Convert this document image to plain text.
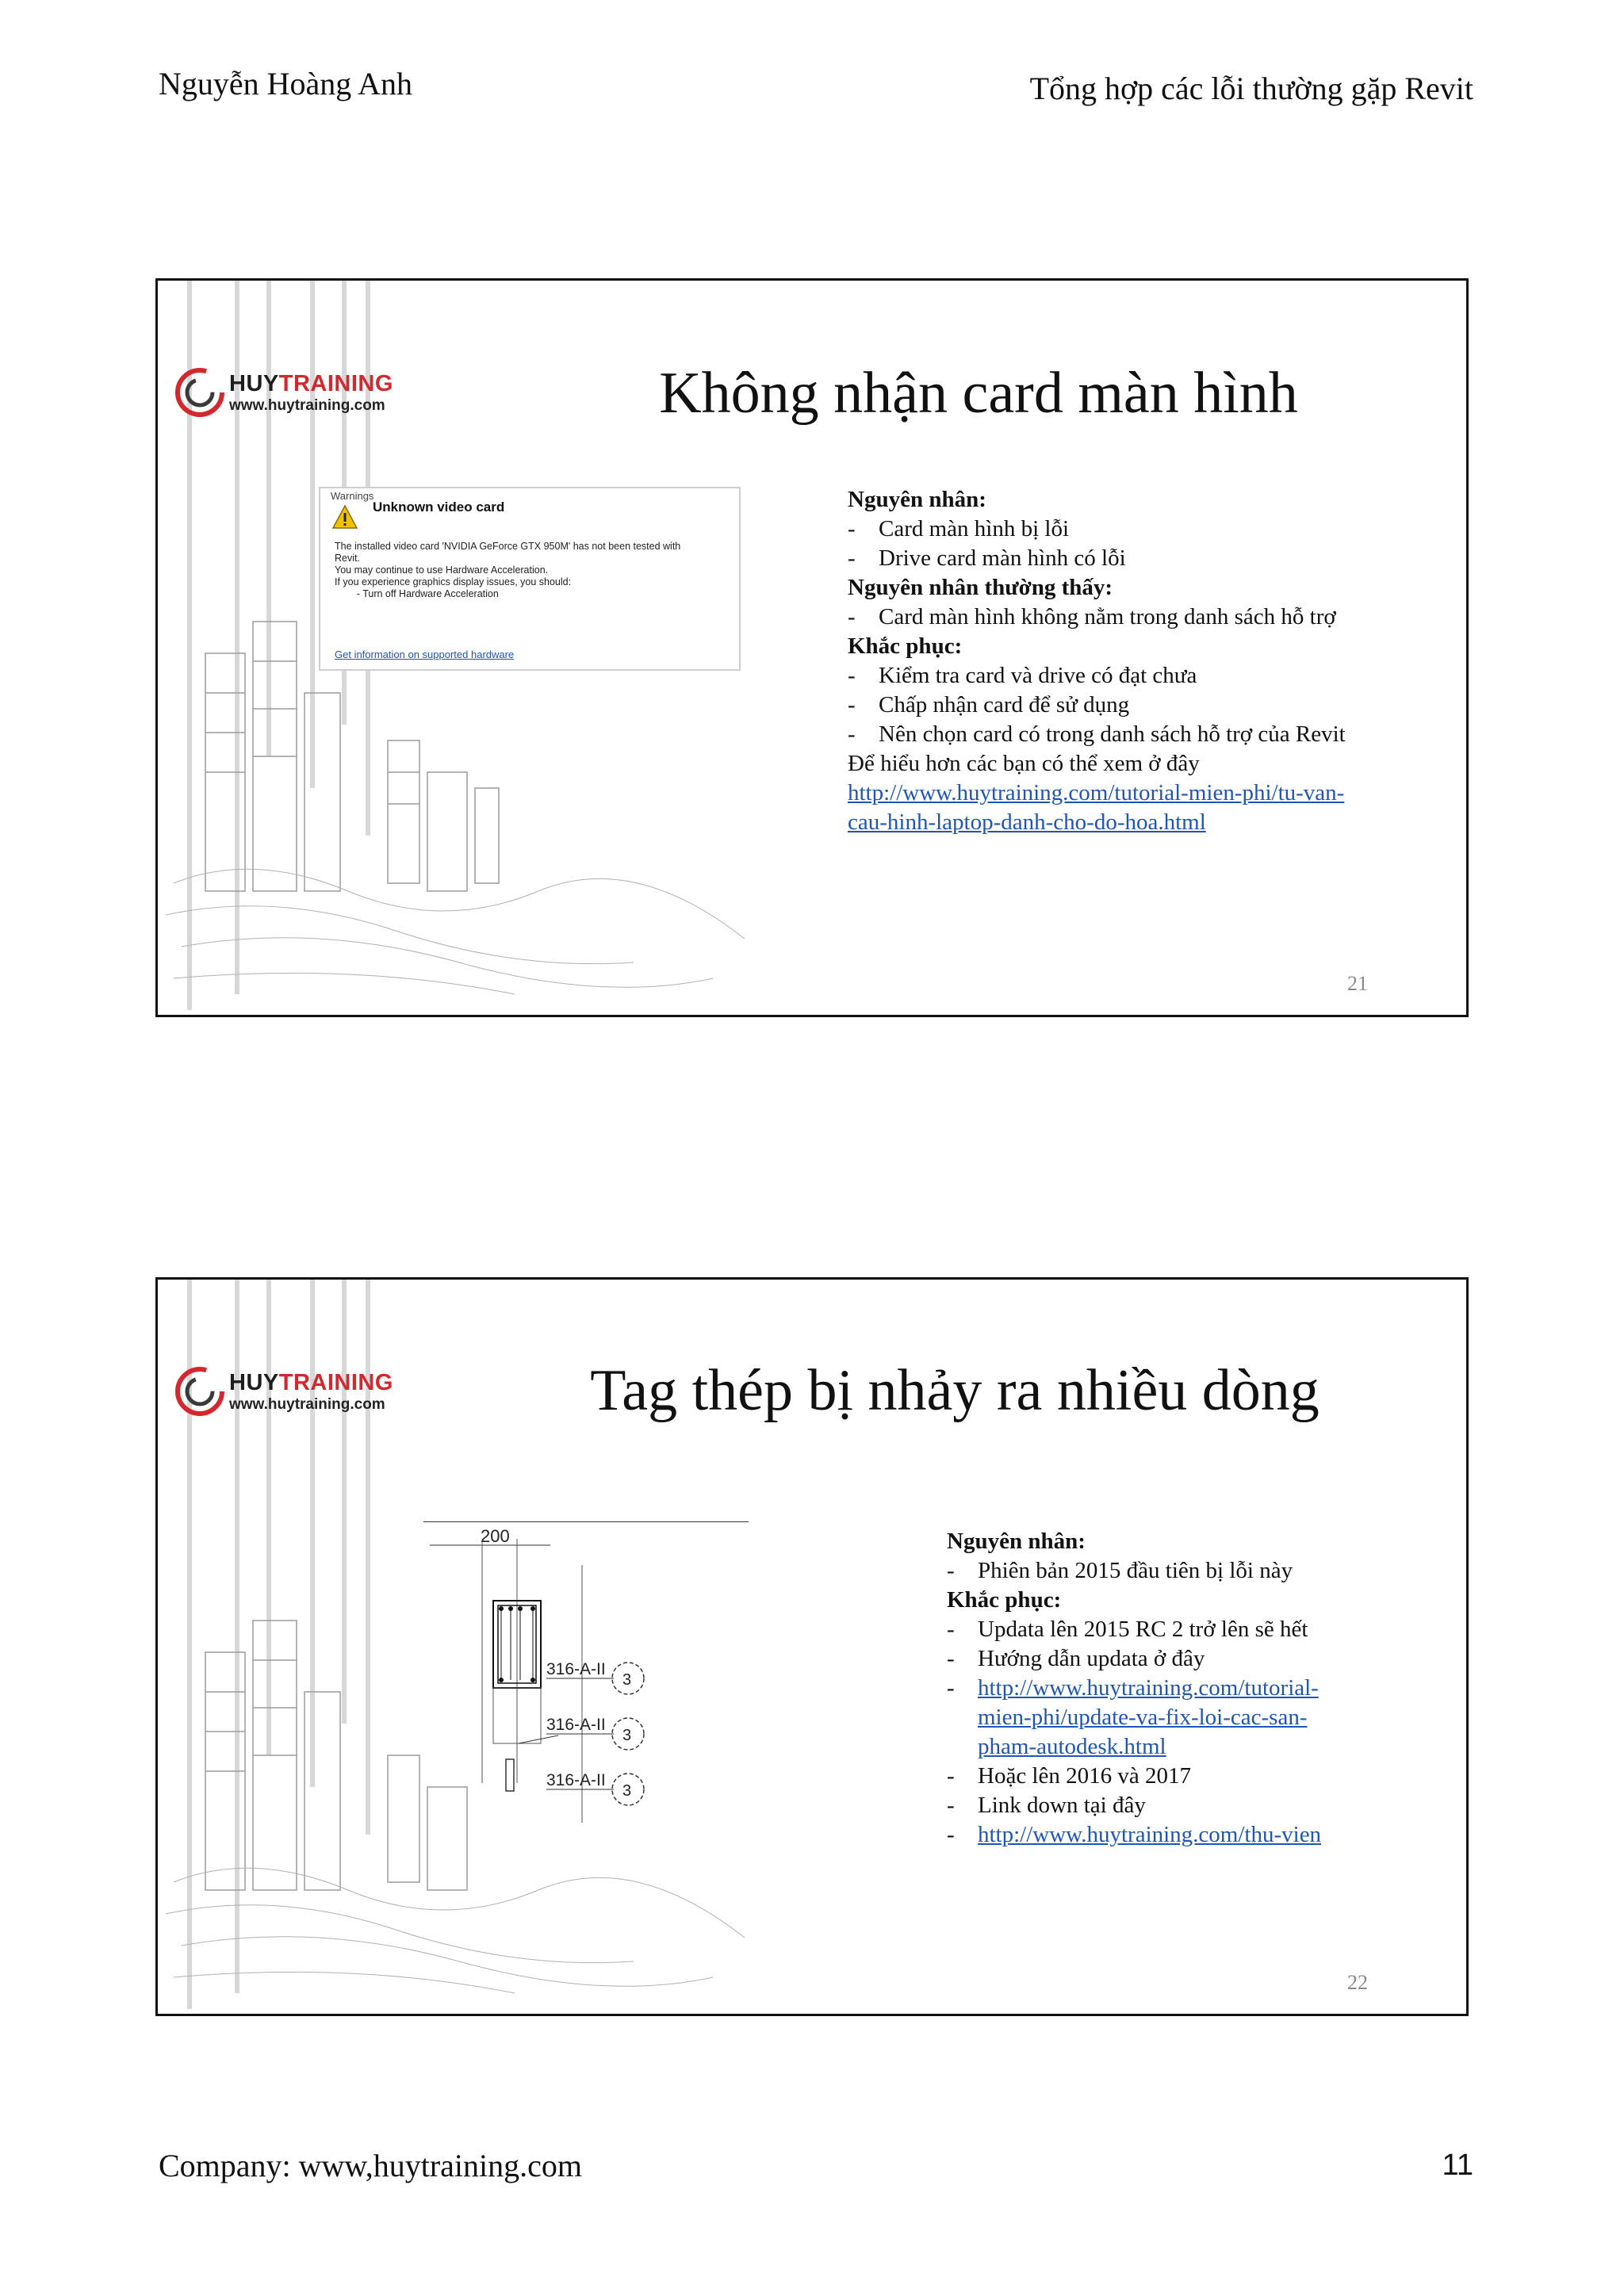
Nguyễn Hoàng Anh	Tổng hợp các lỗi thường gặp Revit
HUYTRAINING
www.huytraining.com	Không nhận card màn hình
Warnings
Unknown video card
The installed video card 'NVIDIA GeForce GTX 950M' has not been tested with
Revit.
You may continue to use Hardware Acceleration.
If you experience graphics display issues, you should:
- Turn off Hardware Acceleration
Get information on supported hardware
Nguyên nhân:
-	Card màn hình bị lỗi
-	Drive card màn hình có lỗi
Nguyên nhân thường thấy:
-	Card màn hình không nằm trong danh sách hỗ trợ
Khắc phục:
-	Kiểm tra card và drive có đạt chưa
-	Chấp nhận card để sử dụng
-	Nên chọn card có trong danh sách hỗ trợ của Revit
Để hiểu hơn các bạn có thể xem ở đây
http://www.huytraining.com/tutorial-mien-phi/tu-van-
cau-hinh-laptop-danh-cho-do-hoa.html
21
HUYTRAINING
www.huytraining.com	Tag thép bị nhảy ra nhiều dòng
200
316-A-II
3
316-A-II
3
316-A-II
3
Nguyên nhân:
-	Phiên bản 2015 đầu tiên bị lỗi này
Khắc phục:
-	Updata lên 2015 RC 2 trở lên sẽ hết
-	Hướng dẫn updata ở đây
-	http://www.huytraining.com/tutorial-
mien-phi/update-va-fix-loi-cac-san-
pham-autodesk.html
-	Hoặc lên 2016 và 2017
-	Link down tại đây
-	http://www.huytraining.com/thu-vien
22
Company: www,huytraining.com	11
